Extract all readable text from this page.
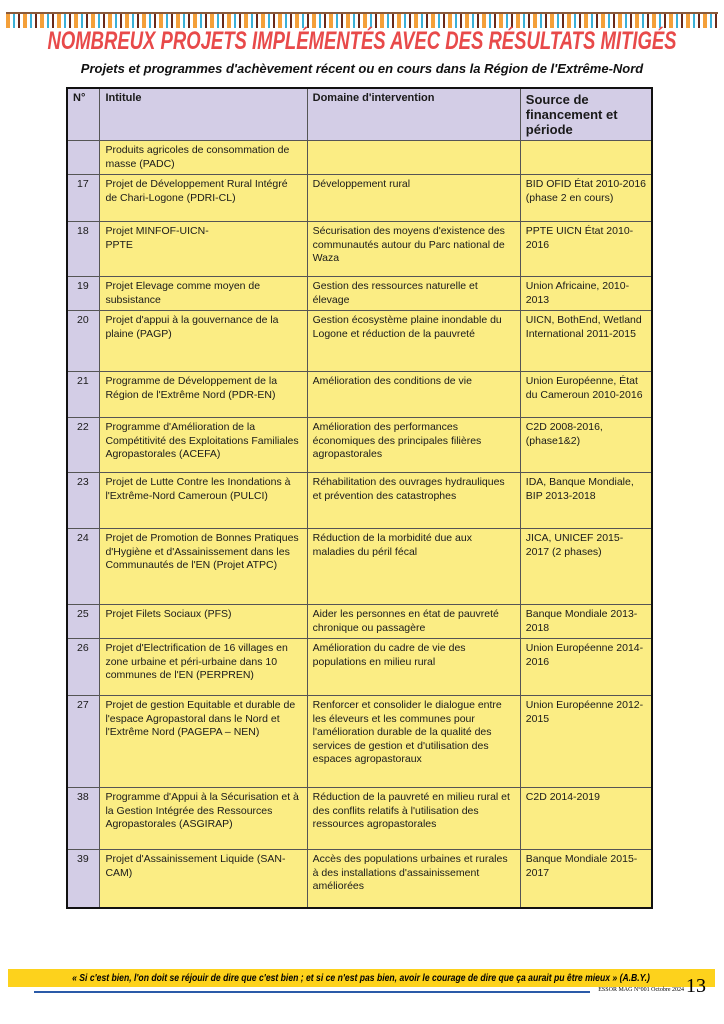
NOMBREUX PROJETS IMPLÉMENTÉS AVEC DES RÉSULTATS MITIGÉS
Projets et programmes d'achèvement récent ou en cours dans la Région de l'Extrême-Nord
N°	Intitule	Domaine d'intervention	Source de financement et période
	Produits agricoles de consommation de masse (PADC)		
17	Projet de Développement Rural Intégré de Chari-Logone (PDRI-CL)	Développement rural	BID OFID État 2010-2016 (phase 2 en cours)
18	Projet MINFOF-UICN-
PPTE	Sécurisation des moyens d'existence des communautés autour du Parc national de Waza	PPTE UICN État 2010-2016
19	Projet Elevage comme moyen de subsistance	Gestion des ressources naturelle et élevage	Union Africaine, 2010-2013
20	Projet d'appui à la gouvernance de la plaine (PAGP)	Gestion écosystème plaine inondable du Logone et réduction de la pauvreté	UICN, BothEnd, Wetland International 2011-2015
21	Programme de Développement de la Région de l'Extrême Nord (PDR-EN)	Amélioration des conditions de vie	Union Européenne, État du Cameroun 2010-2016
22	Programme d'Amélioration de la Compétitivité des Exploitations Familiales Agropastorales (ACEFA)	Amélioration des performances économiques des principales filières agropastorales	C2D 2008-2016, (phase1&2)
23	Projet de Lutte Contre les Inondations à l'Extrême-Nord Cameroun (PULCI)	Réhabilitation des ouvrages hydrauliques et prévention des catastrophes	IDA, Banque Mondiale, BIP 2013-2018
24	Projet de Promotion de Bonnes Pratiques d'Hygiène et d'Assainissement dans les Communautés de l'EN (Projet ATPC)	Réduction de la morbidité due aux maladies du péril fécal	JICA, UNICEF 2015-2017 (2 phases)
25	Projet Filets Sociaux (PFS)	Aider les personnes en état de pauvreté chronique ou passagère	Banque Mondiale 2013-2018
26	Projet d'Electrification de 16 villages en zone urbaine et péri-urbaine dans 10 communes de l'EN (PERPREN)	Amélioration du cadre de vie des populations en milieu rural	Union Européenne 2014-2016
27	Projet de gestion Equitable et durable de l'espace Agropastoral dans le Nord et l'Extrême Nord (PAGEPA – NEN)	Renforcer et consolider le dialogue entre les éleveurs et les communes pour l'amélioration durable de la qualité des services de gestion et d'utilisation des espaces agropastoraux	Union Européenne 2012-2015
38	Programme d'Appui à la Sécurisation et à la Gestion Intégrée des Ressources Agropastorales (ASGIRAP)	Réduction de la pauvreté en milieu rural et des conflits relatifs à l'utilisation des ressources agropastorales	C2D 2014-2019
39	Projet d'Assainissement Liquide (SAN-CAM)	Accès des populations urbaines et rurales à des installations d'assainissement améliorées	Banque Mondiale 2015-2017
« Si c'est bien, l'on doit se réjouir de dire que c'est bien ; et si ce n'est pas bien, avoir le courage de dire que ça aurait pu être mieux » (A.B.Y.)
ESSOR MAG N°001 Octobre 2024 13
